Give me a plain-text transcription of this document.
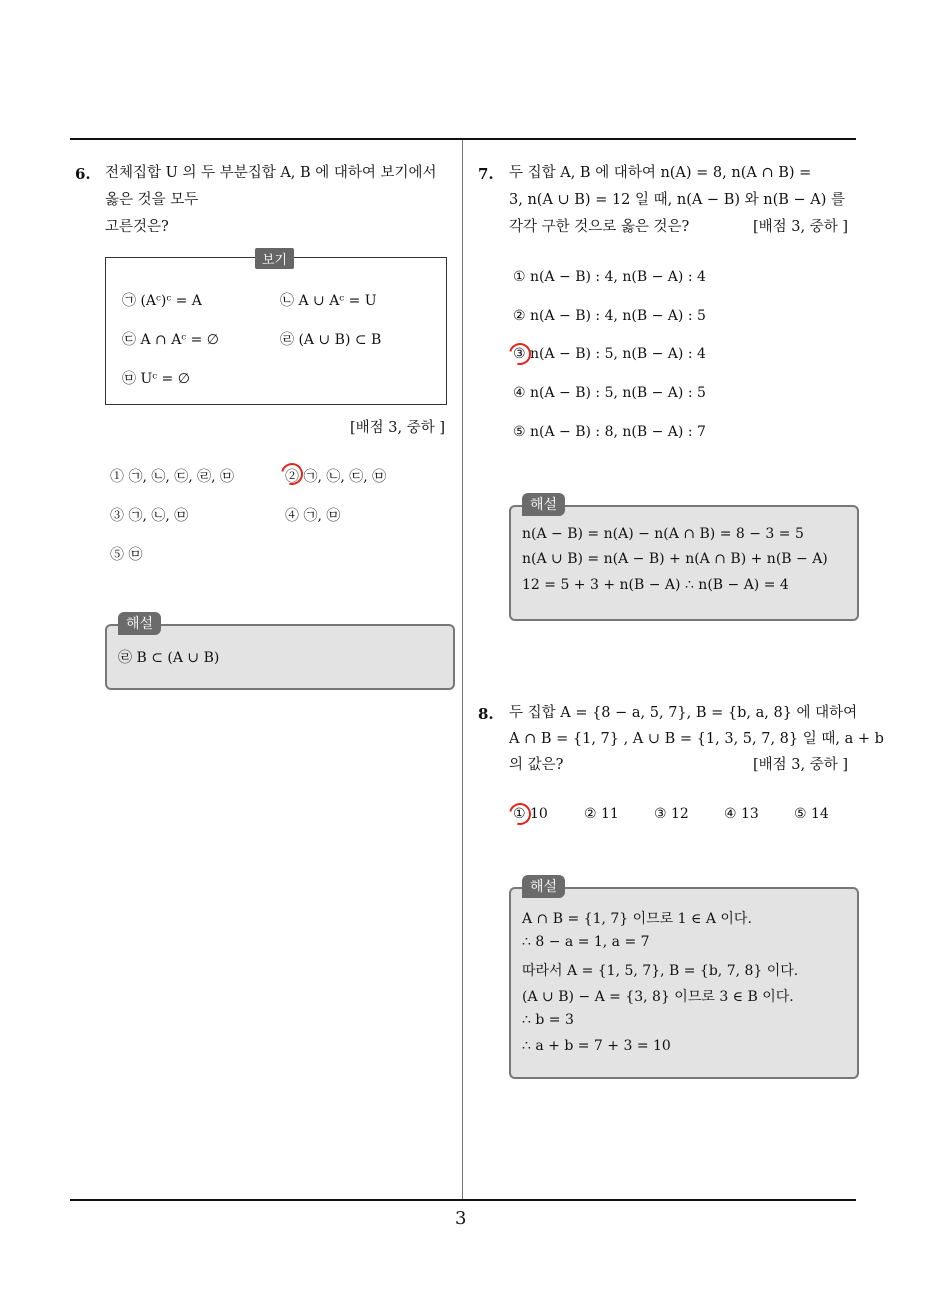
3
6. 전체집합 U 의 두 부분집합 A, B 에 대하여 보기에서
옳은 것을 모두
고른것은?
보기
㉠ (Aᶜ)ᶜ = A	㉡ A ∪ Aᶜ = U
㉢ A ∩ Aᶜ = ∅	㉣ (A ∪ B) ⊂ B
㉤ Uᶜ = ∅
[배점 3, 중하 ]
① ㉠, ㉡, ㉢, ㉣, ㉤	② ㉠, ㉡, ㉢, ㉤
③ ㉠, ㉡, ㉤	④ ㉠, ㉤
⑤ ㉤
해설
㉣ B ⊂ (A ∪ B)
7. 두 집합 A, B 에 대하여 n(A) = 8, n(A ∩ B) =
3, n(A ∪ B) = 12 일 때, n(A − B) 와 n(B − A) 를
각각 구한 것으로 옳은 것은?	[배점 3, 중하 ]
① n(A − B) : 4, n(B − A) : 4
② n(A − B) : 4, n(B − A) : 5
③ n(A − B) : 5, n(B − A) : 4
④ n(A − B) : 5, n(B − A) : 5
⑤ n(A − B) : 8, n(B − A) : 7
해설
n(A − B) = n(A) − n(A ∩ B) = 8 − 3 = 5
n(A ∪ B) = n(A − B) + n(A ∩ B) + n(B − A)
12 = 5 + 3 + n(B − A) ∴ n(B − A) = 4
8. 두 집합 A = {8 − a, 5, 7}, B = {b, a, 8} 에 대하여
A ∩ B = {1, 7} , A ∪ B = {1, 3, 5, 7, 8} 일 때, a + b
의 값은?	[배점 3, 중하 ]
① 10	② 11	③ 12	④ 13	⑤ 14
해설
A ∩ B = {1, 7} 이므로 1 ∈ A 이다.
∴ 8 − a = 1, a = 7
따라서 A = {1, 5, 7}, B = {b, 7, 8} 이다.
(A ∪ B) − A = {3, 8} 이므로 3 ∈ B 이다.
∴ b = 3
∴ a + b = 7 + 3 = 10
